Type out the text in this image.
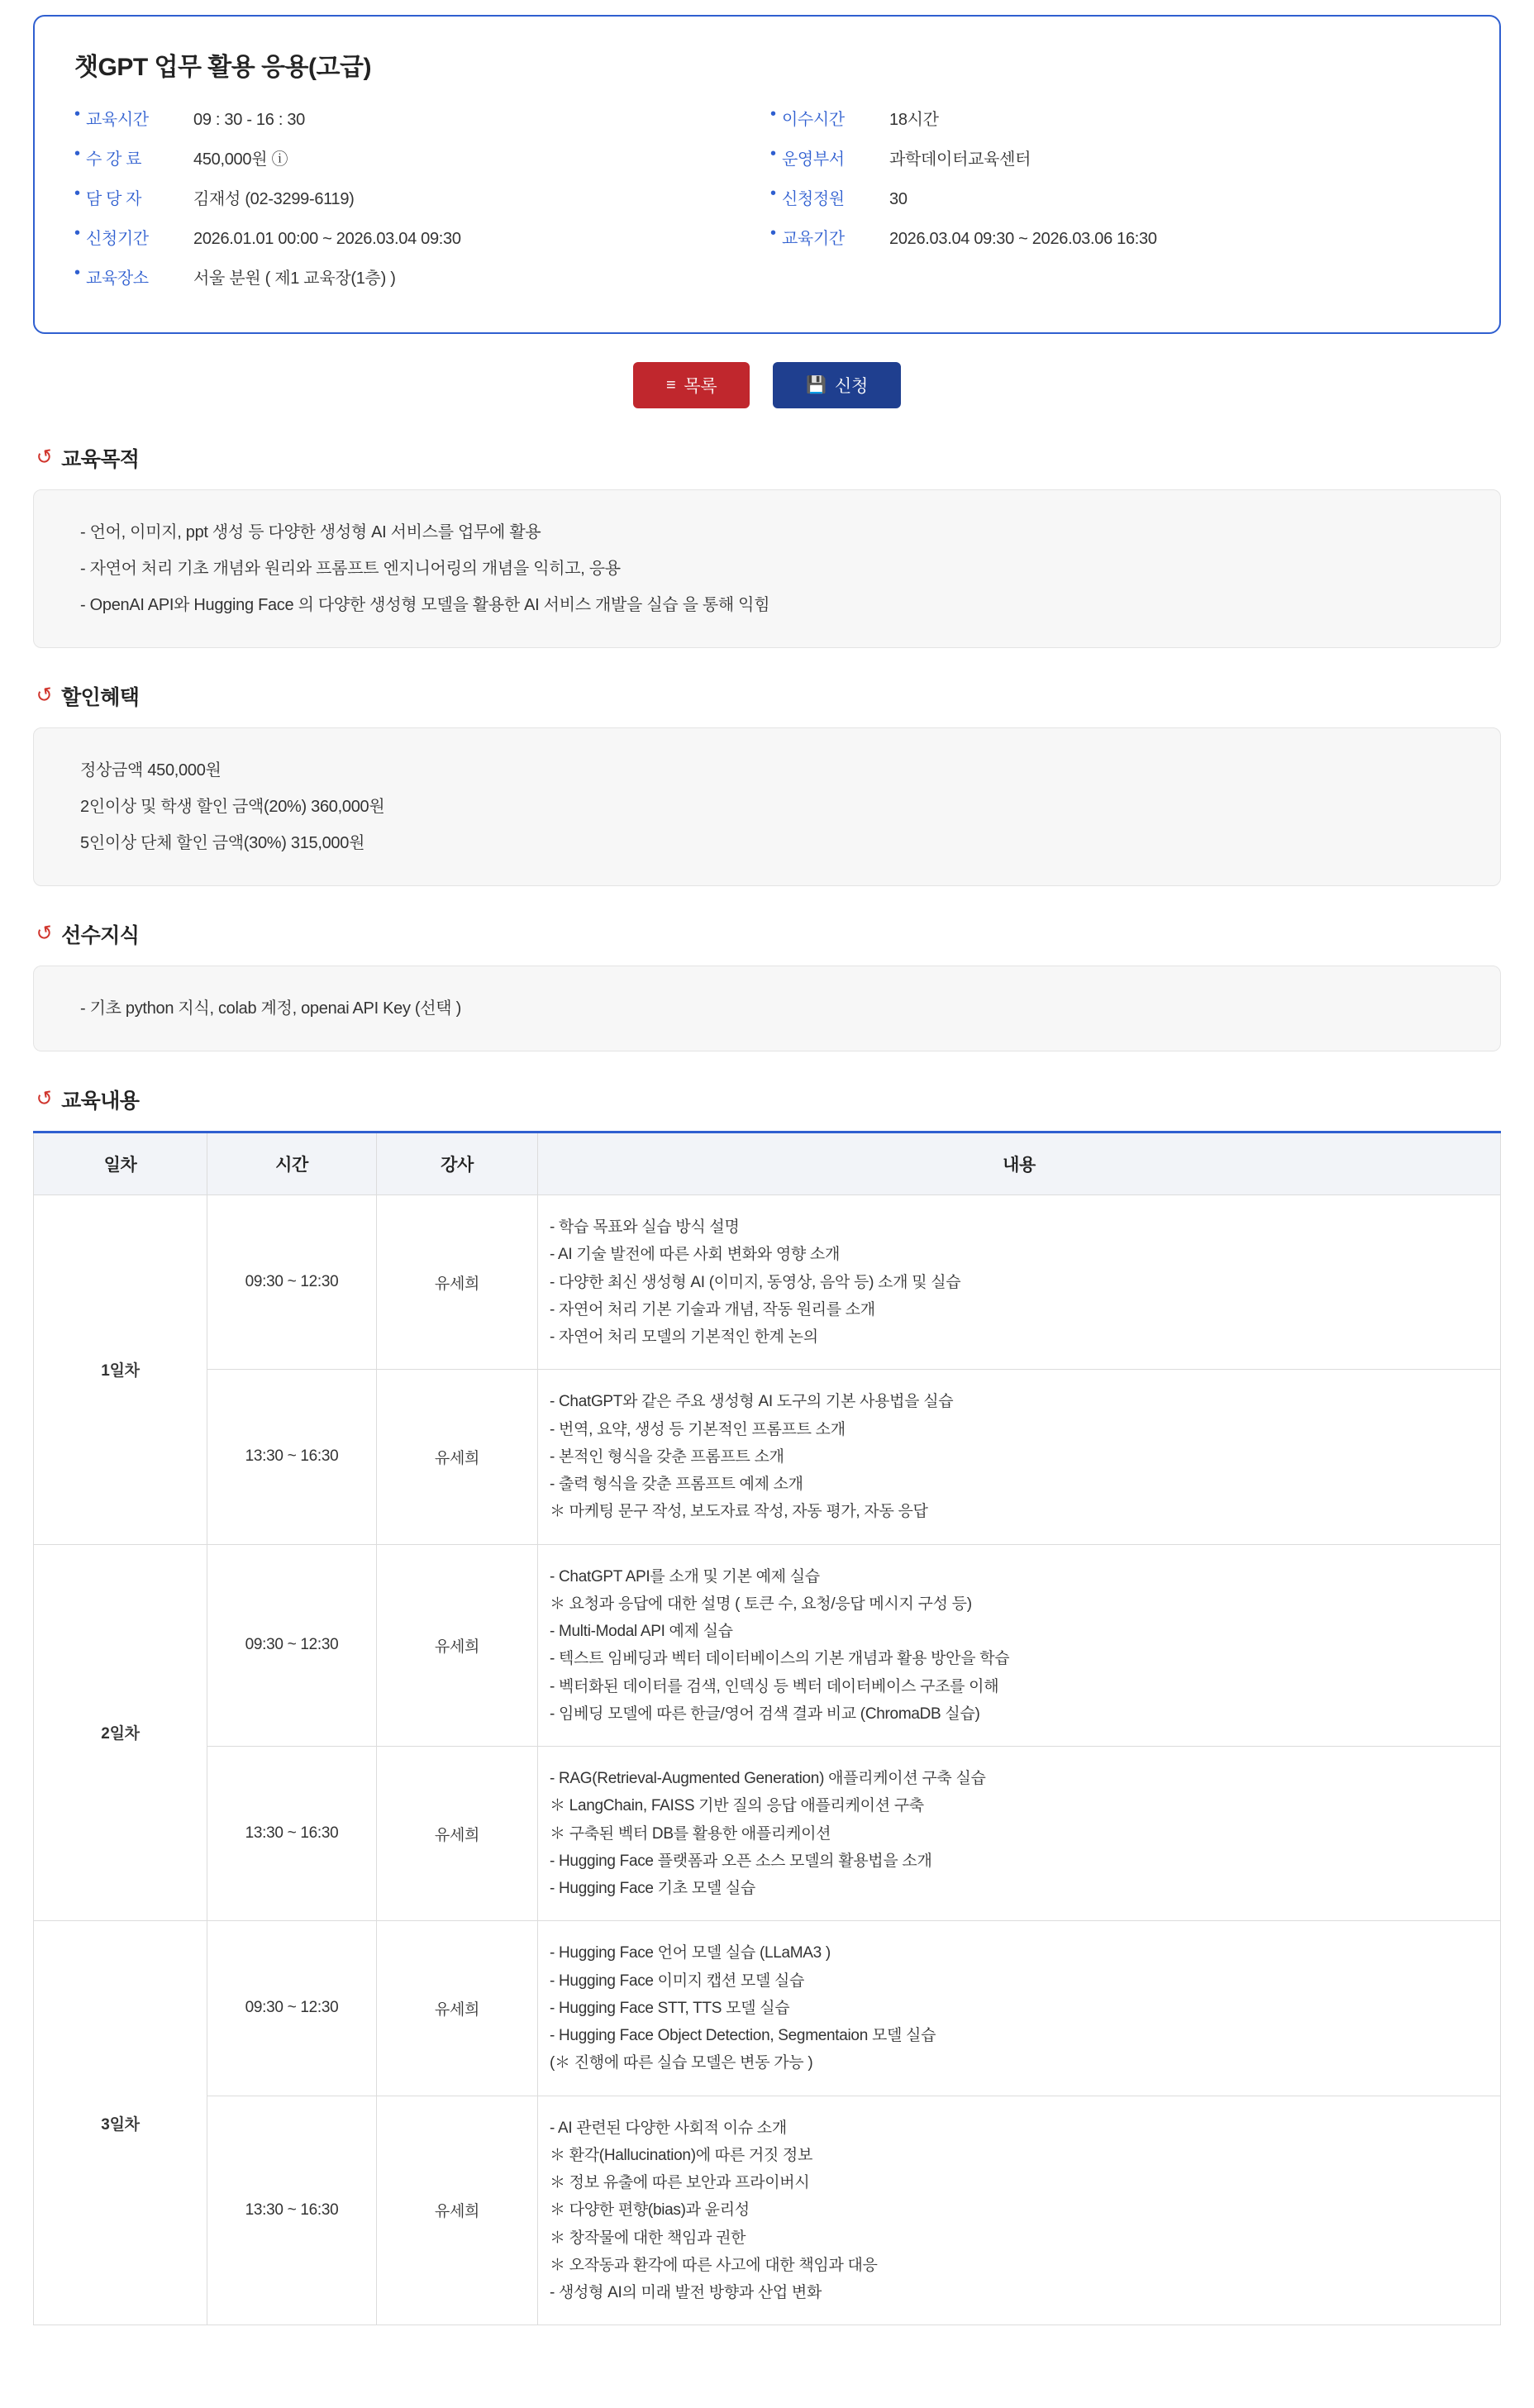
챗GPT 업무 활용 응용(고급)
• 교육시간	09 : 30 - 16 : 30
• 수 강 료	450,000원 ⓘ
• 담 당 자	김재성 (02-3299-6119)
• 신청기간	2026.01.01 00:00 ~ 2026.03.04 09:30
• 교육장소	서울 분원 ( 제1 교육장(1층) )
• 이수시간	18시간
• 운영부서	과학데이터교육센터
• 신청정원	30
• 교육기간	2026.03.04 09:30 ~ 2026.03.06 16:30
≡ 목록	💾 신청
↺ 교육목적

- 언어, 이미지, ppt 생성 등 다양한 생성형 AI 서비스를 업무에 활용

- 자연어 처리 기초 개념와 원리와 프롬프트 엔지니어링의 개념을 익히고, 응용

- OpenAI API와 Hugging Face 의 다양한 생성형 모델을 활용한 AI 서비스 개발을 실습 을 통해 익힘

↺ 할인혜택

정상금액 450,000원

2인이상 및 학생 할인 금액(20%) 360,000원

5인이상 단체 할인 금액(30%) 315,000원

↺ 선수지식

- 기초 python 지식, colab 계정, openai API Key (선택 )

↺ 교육내용
일차	시간	강사	내용
1일차	09:30 ~ 12:30	유세희	
- 학습 목표와 실습 방식 설명
- AI 기술 발전에 따른 사회 변화와 영향 소개
- 다양한 최신 생성형 AI (이미지, 동영상, 음악 등) 소개 및 실습
- 자연어 처리 기본 기술과 개념, 작동 원리를 소개
- 자연어 처리 모델의 기본적인 한계 논의

13:30 ~ 16:30	유세희	
- ChatGPT와 같은 주요 생성형 AI 도구의 기본 사용법을 실습
- 번역, 요약, 생성 등 기본적인 프롬프트 소개
- 본적인 형식을 갖춘 프롬프트 소개
- 출력 형식을 갖춘 프롬프트 예제 소개
＊ 마케팅 문구 작성, 보도자료 작성, 자동 평가, 자동 응답

2일차	09:30 ~ 12:30	유세희	
- ChatGPT API를 소개 및 기본 예제 실습
＊ 요청과 응답에 대한 설명 ( 토큰 수, 요청/응답 메시지 구성 등)
- Multi-Modal API 예제 실습
- 텍스트 임베딩과 벡터 데이터베이스의 기본 개념과 활용 방안을 학습
- 벡터화된 데이터를 검색, 인덱싱 등 벡터 데이터베이스 구조를 이해
- 임베딩 모델에 따른 한글/영어 검색 결과 비교 (ChromaDB 실습)

13:30 ~ 16:30	유세희	
- RAG(Retrieval-Augmented Generation) 애플리케이션 구축 실습
＊ LangChain, FAISS 기반 질의 응답 애플리케이션 구축
＊ 구축된 벡터 DB를 활용한 애플리케이션
- Hugging Face 플랫폼과 오픈 소스 모델의 활용법을 소개
- Hugging Face 기초 모델 실습

3일차	09:30 ~ 12:30	유세희	
- Hugging Face 언어 모델 실습 (LLaMA3 )
- Hugging Face 이미지 캡션 모델 실습
- Hugging Face STT, TTS 모델 실습
- Hugging Face Object Detection, Segmentaion 모델 실습
(＊ 진행에 따른 실습 모델은 변동 가능 )

13:30 ~ 16:30	유세희	
- AI 관련된 다양한 사회적 이슈 소개
＊ 환각(Hallucination)에 따른 거짓 정보
＊ 정보 유출에 따른 보안과 프라이버시
＊ 다양한 편향(bias)과 윤리성
＊ 창작물에 대한 책임과 권한
＊ 오작동과 환각에 따른 사고에 대한 책임과 대응
- 생성형 AI의 미래 발전 방향과 산업 변화
